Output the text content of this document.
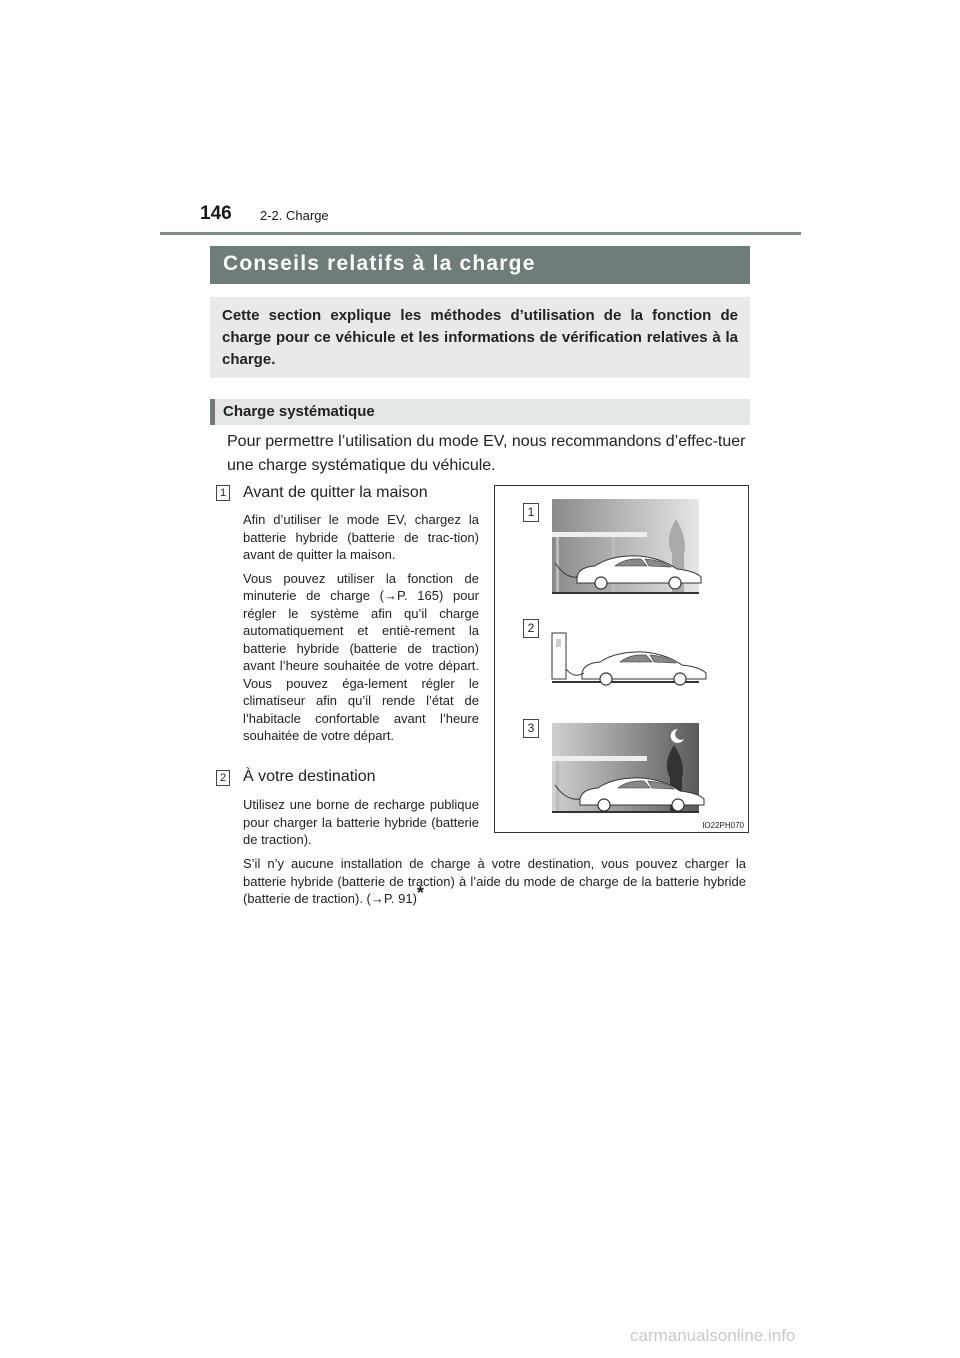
146 2-2. Charge
Conseils relatifs à la charge
Cette section explique les méthodes d’utilisation de la fonction de charge pour ce véhicule et les informations de vérification relatives à la charge.
Charge systématique
Pour permettre l’utilisation du mode EV, nous recommandons d’effec-tuer une charge systématique du véhicule.
1 Avant de quitter la maison

Afin d’utiliser le mode EV, chargez la batterie hybride (batterie de trac-tion) avant de quitter la maison.

Vous pouvez utiliser la fonction de minuterie de charge (→P. 165) pour régler le système afin qu’il charge automatiquement et entiè-rement la batterie hybride (batterie de traction) avant l’heure souhaitée de votre départ. Vous pouvez éga-lement régler le climatiseur afin qu’il rende l’état de l’habitacle confortable avant l’heure souhaitée de votre départ.

2 À votre destination

Utilisez une borne de recharge publique pour charger la batterie hybride (batterie de traction).

1
2
3
IO22PH070
S’il n’y aucune installation de charge à votre destination, vous pouvez charger la batterie hybride (batterie de traction) à l’aide du mode de charge de la batterie hybride (batterie de traction). (→P. 91)*
carmanualsonline.info
